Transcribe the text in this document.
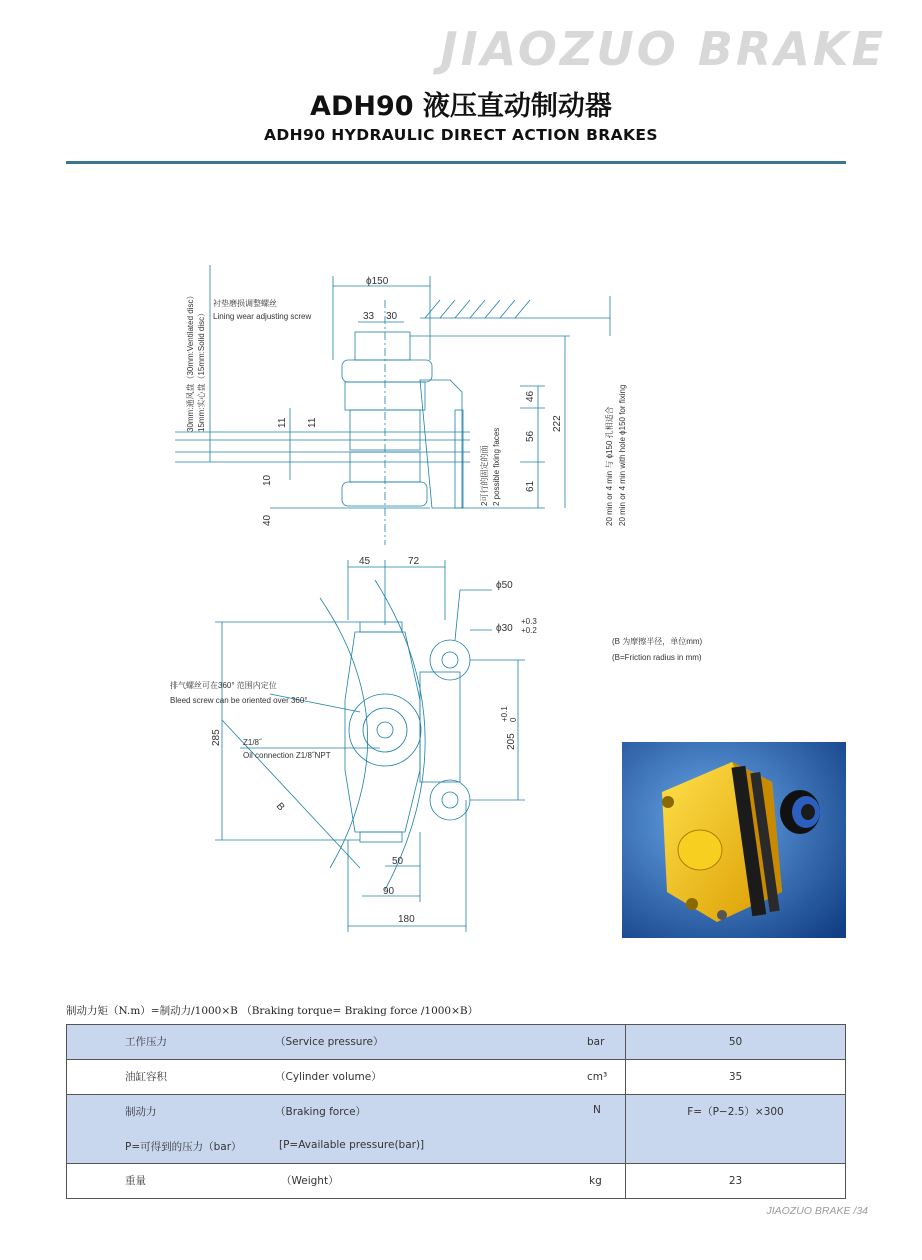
JIAOZUO BRAKE
ADH90 液压直动制动器
ADH90 HYDRAULIC DIRECT ACTION BRAKES
ϕ150
33 30
衬垫磨损调整螺丝
Lining wear adjusting screw
30mm:通风盘（30mm:Ventilated disc） 15mm:实心盘（15mm:Solid disc）	11 11
10
40
46
56
61
222
2可行的固定的面 2 possible fixing faces	20 min or 4 min 与 ϕ150 孔相适合 20 min or 4 min with hole ϕ150 for fixing
45	72
ϕ50
ϕ30
+0.3
+0.2
(B 为摩擦半径，单位mm)
(B=Friction radius in mm)
排气螺丝可在360° 范围内定位
Bleed screw can be oriented over 360°
Z1/8˝
Oil connection Z1/8˝NPT
285
B
205
+0.1 0
50
90
180
制动力矩（N.m）=制动力/1000×B （Braking torque= Braking force /1000×B）
工作压力 （Service pressure） bar	50

油缸容积 （Cylinder volume） cm³	35

制动力 （Braking force） N
P=可得到的压力（bar） [P=Available pressure(bar)]	F=（P−2.5）×300

重量 （Weight） kg	23
JIAOZUO BRAKE /34
